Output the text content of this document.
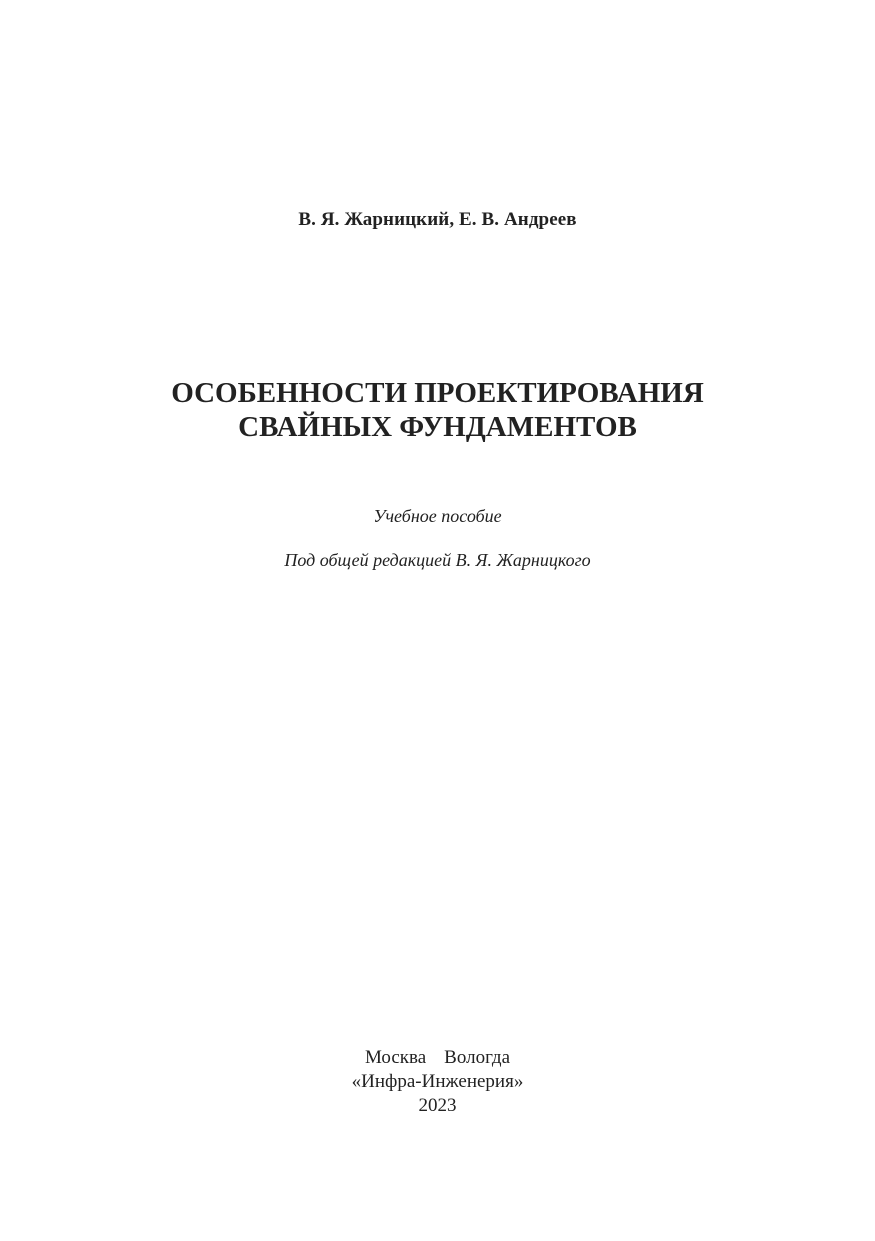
В. Я. Жарницкий, Е. В. Андреев
ОСОБЕННОСТИ ПРОЕКТИРОВАНИЯ
СВАЙНЫХ ФУНДАМЕНТОВ
Учебное пособие
Под общей редакцией В. Я. Жарницкого
Москва Вологда
«Инфра-Инженерия»
2023
